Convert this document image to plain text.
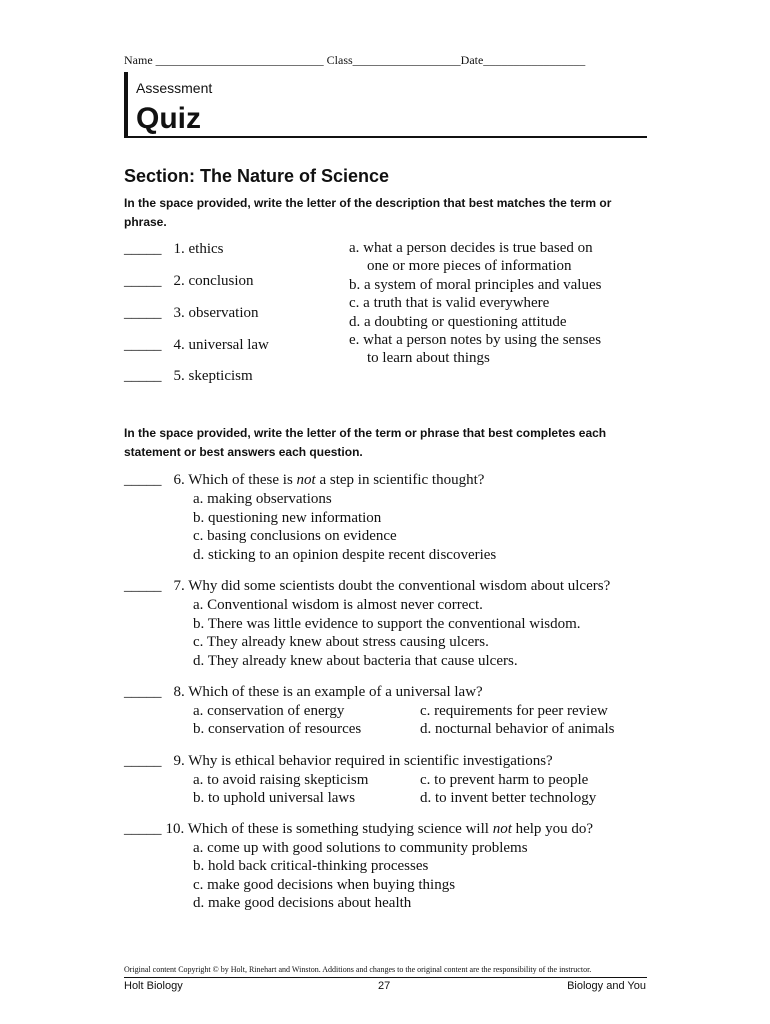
Name ____________________________ Class__________________Date_________________
Assessment
Quiz
Section: The Nature of Science
In the space provided, write the letter of the description that best matches the term or phrase.
_____ 1. ethics
_____ 2. conclusion
_____ 3. observation
_____ 4. universal law
_____ 5. skepticism
a. what a person decides is true based on
one or more pieces of information
b. a system of moral principles and values
c. a truth that is valid everywhere
d. a doubting or questioning attitude
e. what a person notes by using the senses
to learn about things
In the space provided, write the letter of the term or phrase that best completes each statement or best answers each question.
_____ 6. Which of these is not a step in scientific thought?
a. making observations
b. questioning new information
c. basing conclusions on evidence
d. sticking to an opinion despite recent discoveries
_____ 7. Why did some scientists doubt the conventional wisdom about ulcers?
a. Conventional wisdom is almost never correct.
b. There was little evidence to support the conventional wisdom.
c. They already knew about stress causing ulcers.
d. They already knew about bacteria that cause ulcers.
_____ 8. Which of these is an example of a universal law?
a. conservation of energy	c. requirements for peer review
b. conservation of resources	d. nocturnal behavior of animals
_____ 9. Why is ethical behavior required in scientific investigations?
a. to avoid raising skepticism	c. to prevent harm to people
b. to uphold universal laws	d. to invent better technology
_____ 10. Which of these is something studying science will not help you do?
a. come up with good solutions to community problems
b. hold back critical-thinking processes
c. make good decisions when buying things
d. make good decisions about health
Original content Copyright © by Holt, Rinehart and Winston. Additions and changes to the original content are the responsibility of the instructor.
Holt Biology	27	Biology and You
